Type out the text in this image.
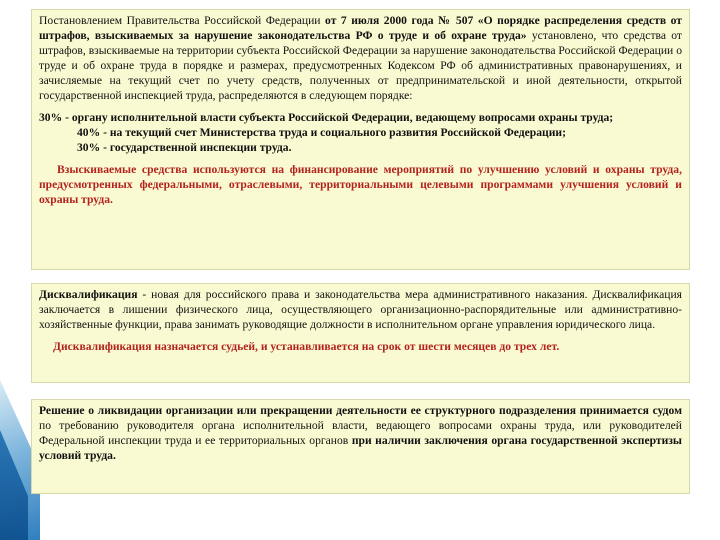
Постановлением Правительства Российской Федерации от 7 июля 2000 года № 507 «О порядке распределения средств от штрафов, взыскиваемых за нарушение законодательства РФ о труде и об охране труда» установлено, что средства от штрафов, взыскиваемые на территории субъекта Российской Федерации за нарушение законодательства Российской Федерации о труде и об охране труда в порядке и размерах, предусмотренных Кодексом РФ об административных правонарушениях, и зачисляемые на текущий счет по учету средств, полученных от предпринимательской и иной деятельности, открытой государственной инспекцией труда, распределяются в следующем порядке:

30% - органу исполнительной власти субъекта Российской Федерации, ведающему вопросами охраны труда;

40% - на текущий счет Министерства труда и социального развития Российской Федерации;

30% - государственной инспекции труда.

Взыскиваемые средства используются на финансирование мероприятий по улучшению условий и охраны труда, предусмотренных федеральными, отраслевыми, территориальными целевыми программами улучшения условий и охраны труда.

Дисквалификация - новая для российского права и законодательства мера административного наказания. Дисквалификация заключается в лишении физического лица, осуществляющего организационно-распорядительные или административно-хозяйственные функции, права занимать руководящие должности в исполнительном органе управления юридического лица.

Дисквалификация назначается судьей, и устанавливается на срок от шести месяцев до трех лет.

Решение о ликвидации организации или прекращении деятельности ее структурного подразделения принимается судом по требованию руководителя органа исполнительной власти, ведающего вопросами охраны труда, или руководителей Федеральной инспекции труда и ее территориальных органов при наличии заключения органа государственной экспертизы условий труда.
